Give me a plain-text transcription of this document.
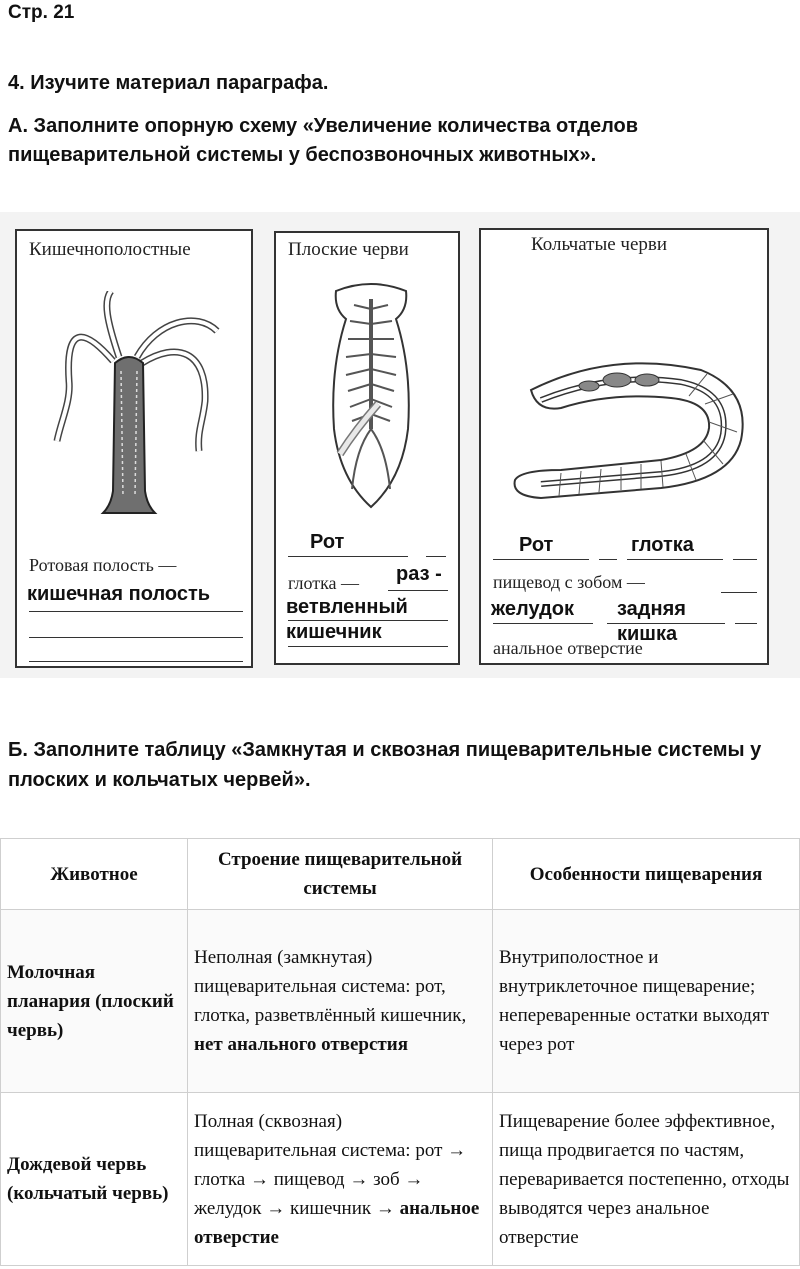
Стр. 21
4. Изучите материал параграфа.
А. Заполните опорную схему «Увеличение количества отделов пищеварительной системы у беспозвоночных животных».
Кишечнополостные
Ротовая полость —
кишечная полость
Плоские черви
Рот
глотка — раз -
ветвленный
кишечник
Кольчатые черви
Рот	глотка
пищевод с зобом —
желудок задняя
кишка
анальное отверстие
Б. Заполните таблицу «Замкнутая и сквозная пищеварительные системы у плоских и кольчатых червей».
Животное	Строение пищеварительной системы	Особенности пищеварения
Молочная планария (плоский червь)	Неполная (замкнутая) пищеварительная система: рот, глотка, разветвлённый кишечник, нет анального отверстия	Внутриполостное и внутриклеточное пищеварение; непереваренные остатки выходят через рот
Дождевой червь (кольчатый червь)	Полная (сквозная) пищеварительная система: рот → глотка → пищевод → зоб → желудок → кишечник → анальное отверстие	Пищеварение более эффективное, пища продвигается по частям, переваривается постепенно, отходы выводятся через анальное отверстие
